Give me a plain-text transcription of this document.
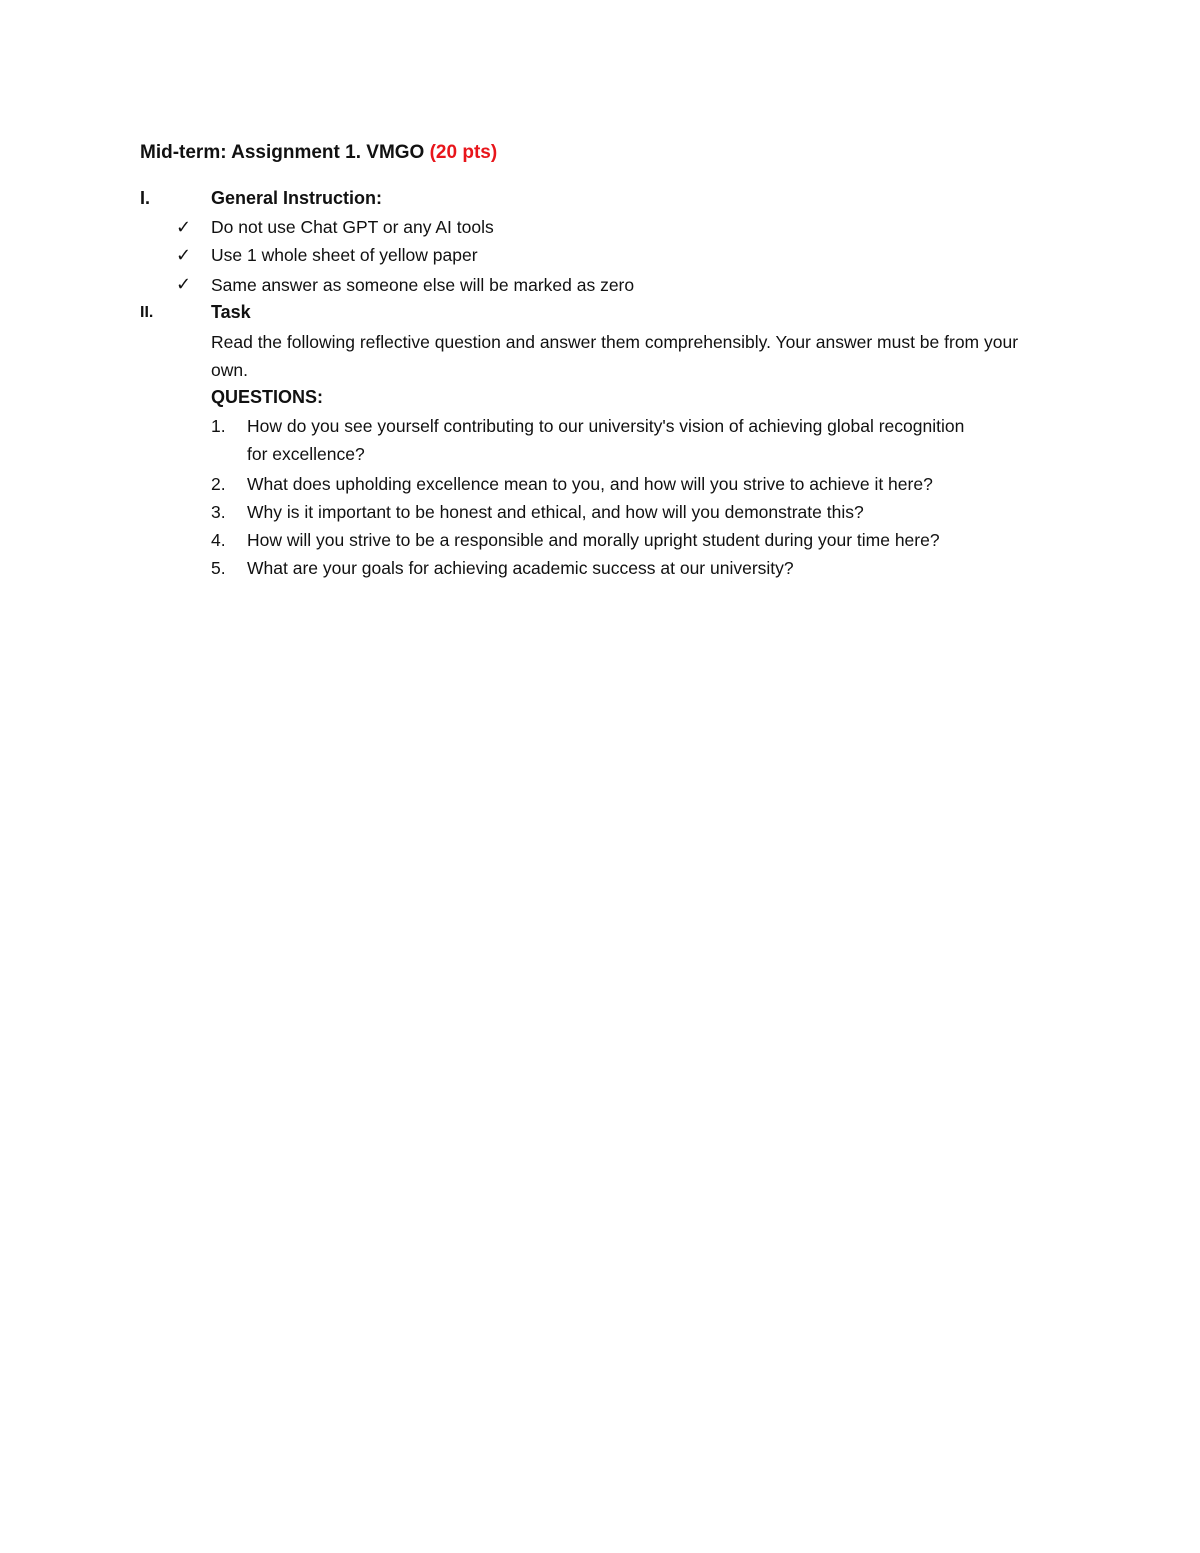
Mid-term: Assignment 1. VMGO (20 pts)
I.	General Instruction:
✓ Do not use Chat GPT or any AI tools
✓ Use 1 whole sheet of yellow paper
✓ Same answer as someone else will be marked as zero
II.	Task
Read the following reflective question and answer them comprehensibly. Your answer must be from your own.
QUESTIONS:
1. How do you see yourself contributing to our university's vision of achieving global recognition for excellence?
2. What does upholding excellence mean to you, and how will you strive to achieve it here?
3. Why is it important to be honest and ethical, and how will you demonstrate this?
4. How will you strive to be a responsible and morally upright student during your time here?
5. What are your goals for achieving academic success at our university?
